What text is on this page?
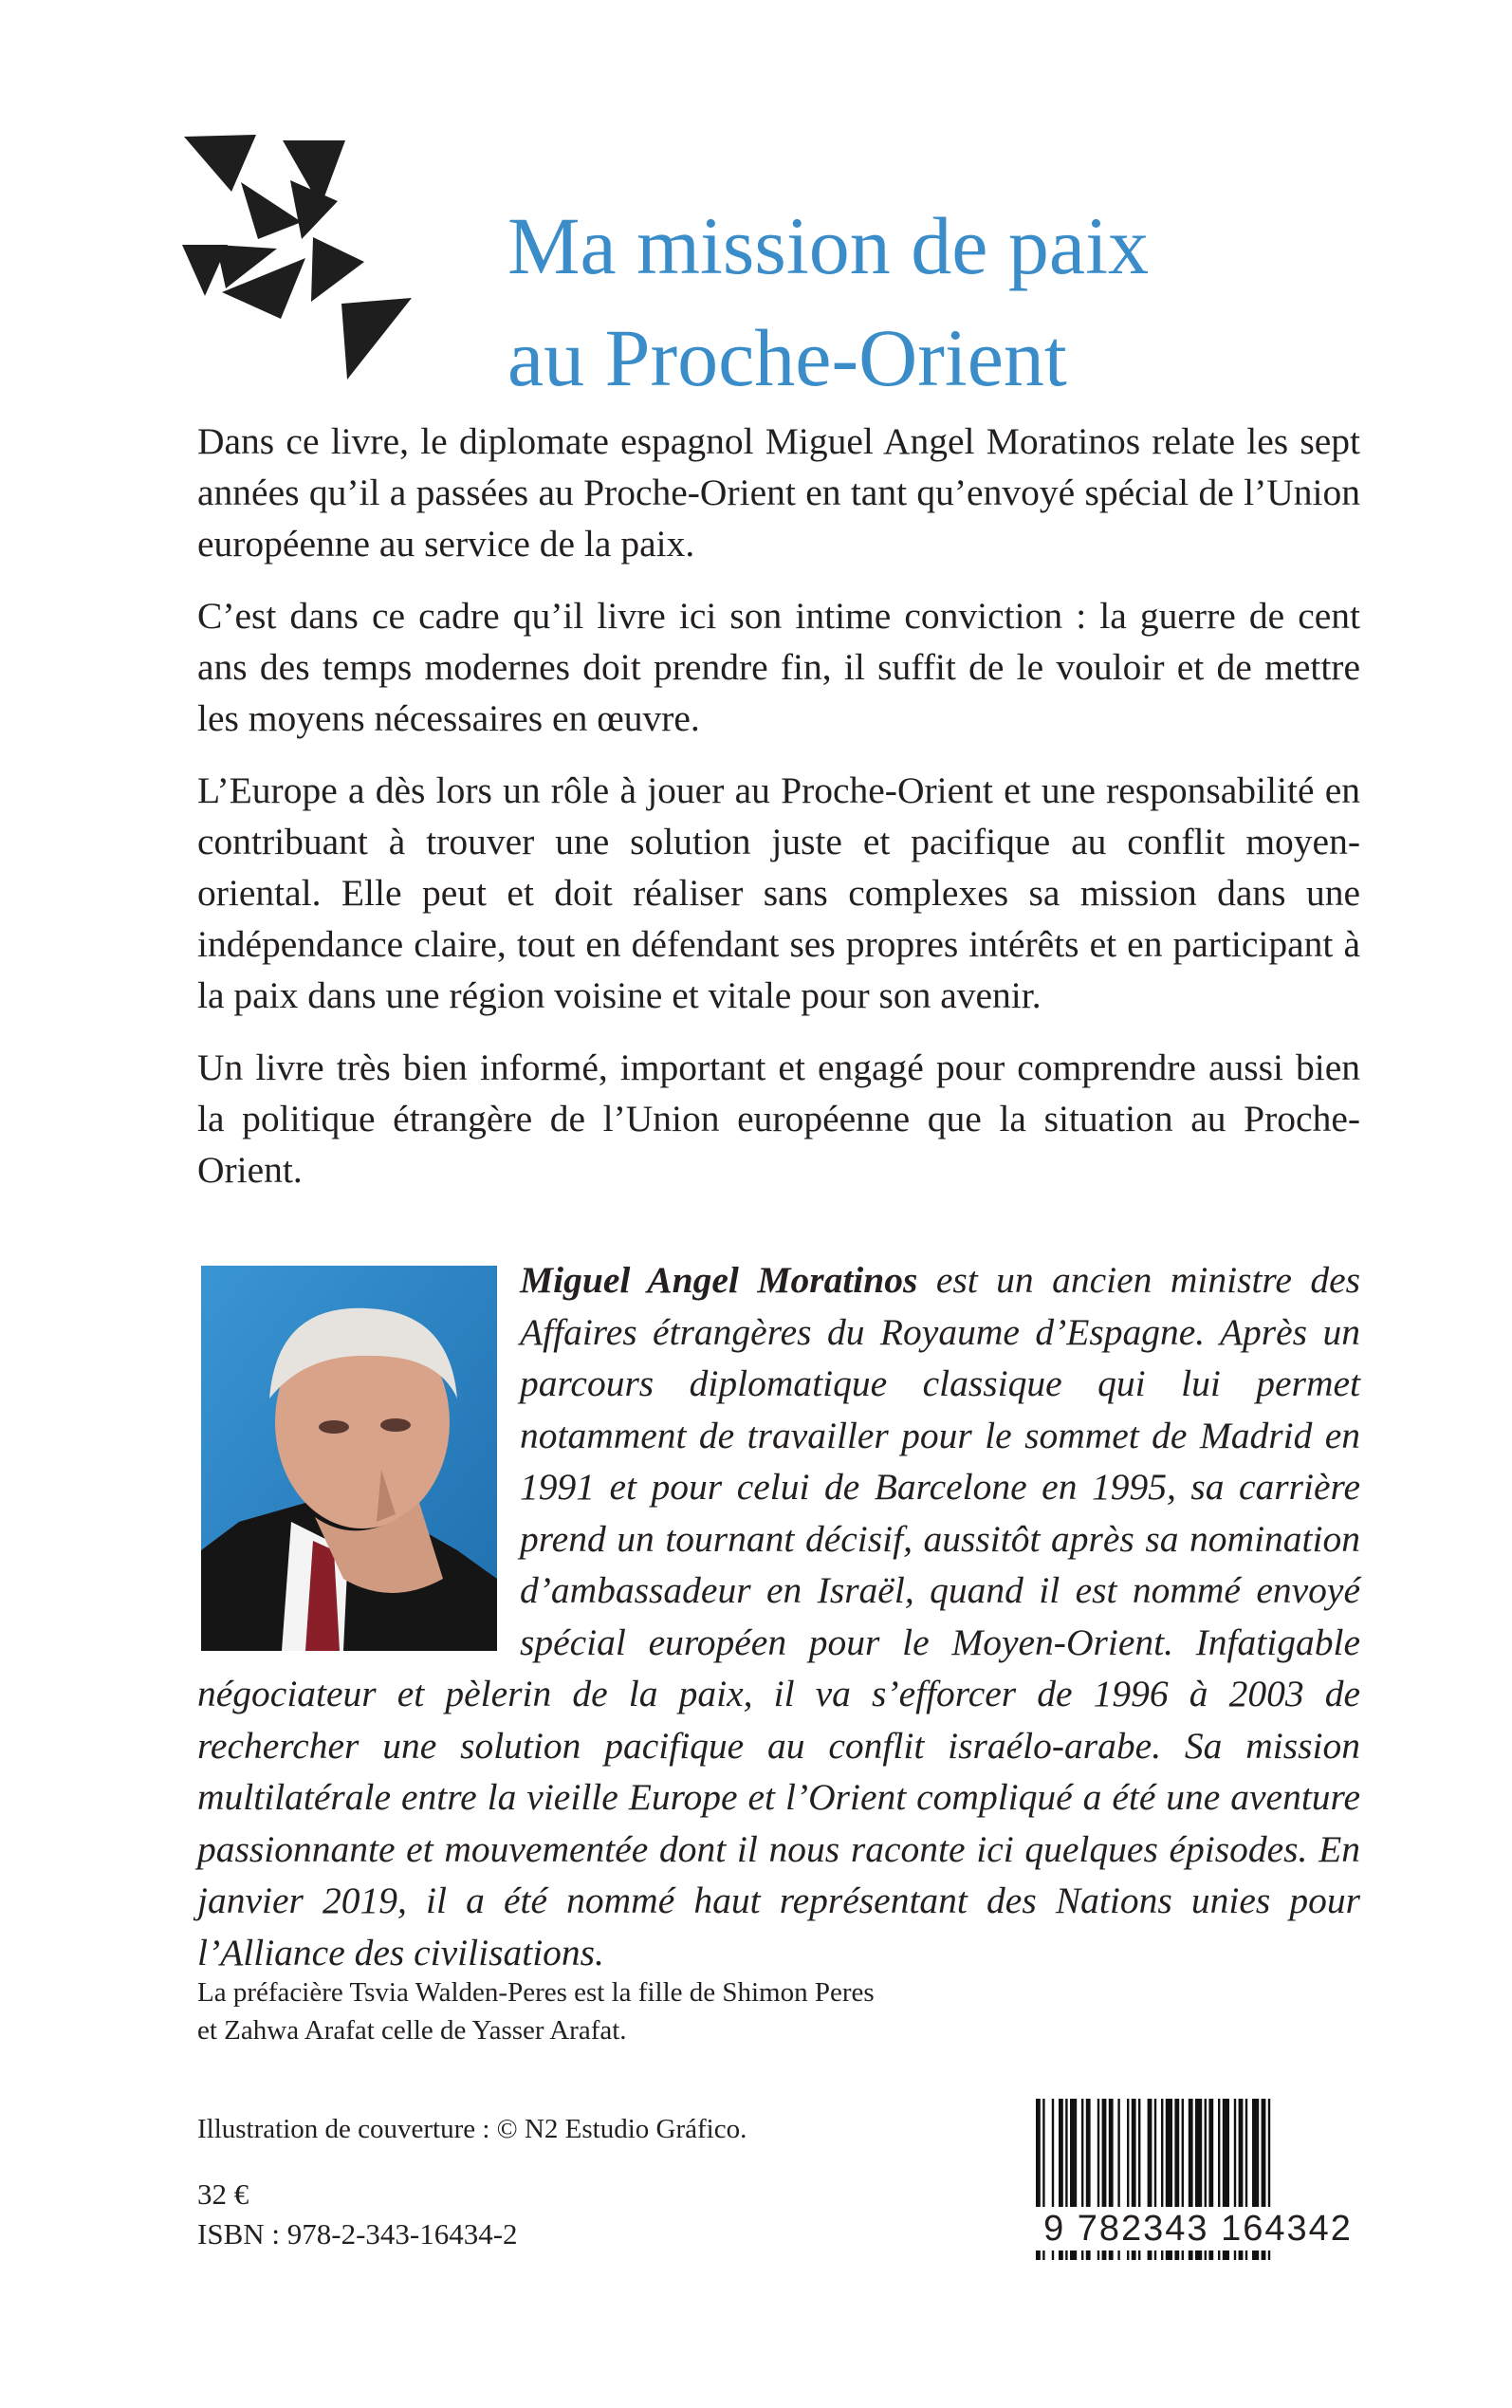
Ma mission de paix
au Proche-Orient

Dans ce livre, le diplomate espagnol Miguel Angel Moratinos relate les sept années qu’il a passées au Proche-Orient en tant qu’envoyé spécial de l’Union européenne au service de la paix.

C’est dans ce cadre qu’il livre ici son intime conviction : la guerre de cent ans des temps modernes doit prendre fin, il suffit de le vouloir et de mettre les moyens nécessaires en œuvre.

L’Europe a dès lors un rôle à jouer au Proche-Orient et une responsabilité en contribuant à trouver une solution juste et pacifique au conflit moyen-oriental. Elle peut et doit réaliser sans complexes sa mission dans une indépendance claire, tout en défendant ses propres intérêts et en participant à la paix dans une région voisine et vitale pour son avenir.

Un livre très bien informé, important et engagé pour comprendre aussi bien la politique étrangère de l’Union européenne que la situation au Proche-Orient.

Miguel Angel Moratinos est un ancien ministre des Affaires étrangères du Royaume d’Espagne. Après un parcours diplomatique classique qui lui permet notamment de travailler pour le sommet de Madrid en 1991 et pour celui de Barcelone en 1995, sa carrière prend un tournant décisif, aussitôt après sa nomination d’ambassadeur en Israël, quand il est nommé envoyé spécial européen pour le Moyen-Orient. Infatigable négociateur et pèlerin de la paix, il va s’efforcer de 1996 à 2003 de rechercher une solution pacifique au conflit israélo-arabe. Sa mission multilatérale entre la vieille Europe et l’Orient compliqué a été une aventure passionnante et mouvementée dont il nous raconte ici quelques épisodes. En janvier 2019, il a été nommé haut représentant des Nations unies pour l’Alliance des civilisations.
La préfacière Tsvia Walden-Peres est la fille de Shimon Peres
et Zahwa Arafat celle de Yasser Arafat.
Illustration de couverture : © N2 Estudio Gráfico.
32 €
ISBN : 978-2-343-16434-2	9 782343 164342
